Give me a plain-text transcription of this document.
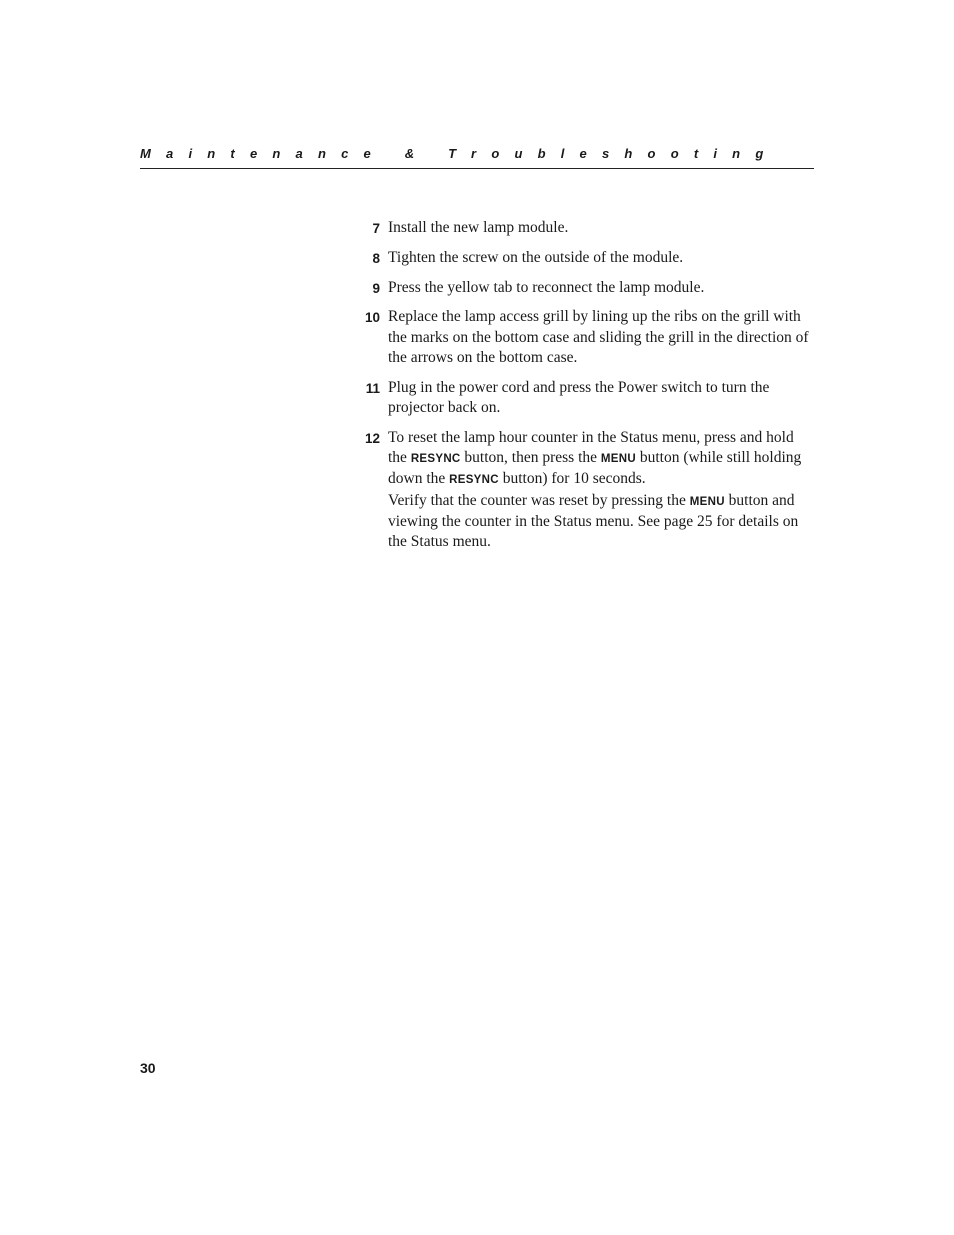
Maintenance & Troubleshooting
7 Install the new lamp module.
8 Tighten the screw on the outside of the module.
9 Press the yellow tab to reconnect the lamp module.
10 Replace the lamp access grill by lining up the ribs on the grill with the marks on the bottom case and sliding the grill in the direction of the arrows on the bottom case.
11 Plug in the power cord and press the Power switch to turn the projector back on.
12 To reset the lamp hour counter in the Status menu, press and hold the RESYNC button, then press the MENU button (while still holding down the RESYNC button) for 10 seconds.
Verify that the counter was reset by pressing the MENU button and viewing the counter in the Status menu. See page 25 for details on the Status menu.
30
